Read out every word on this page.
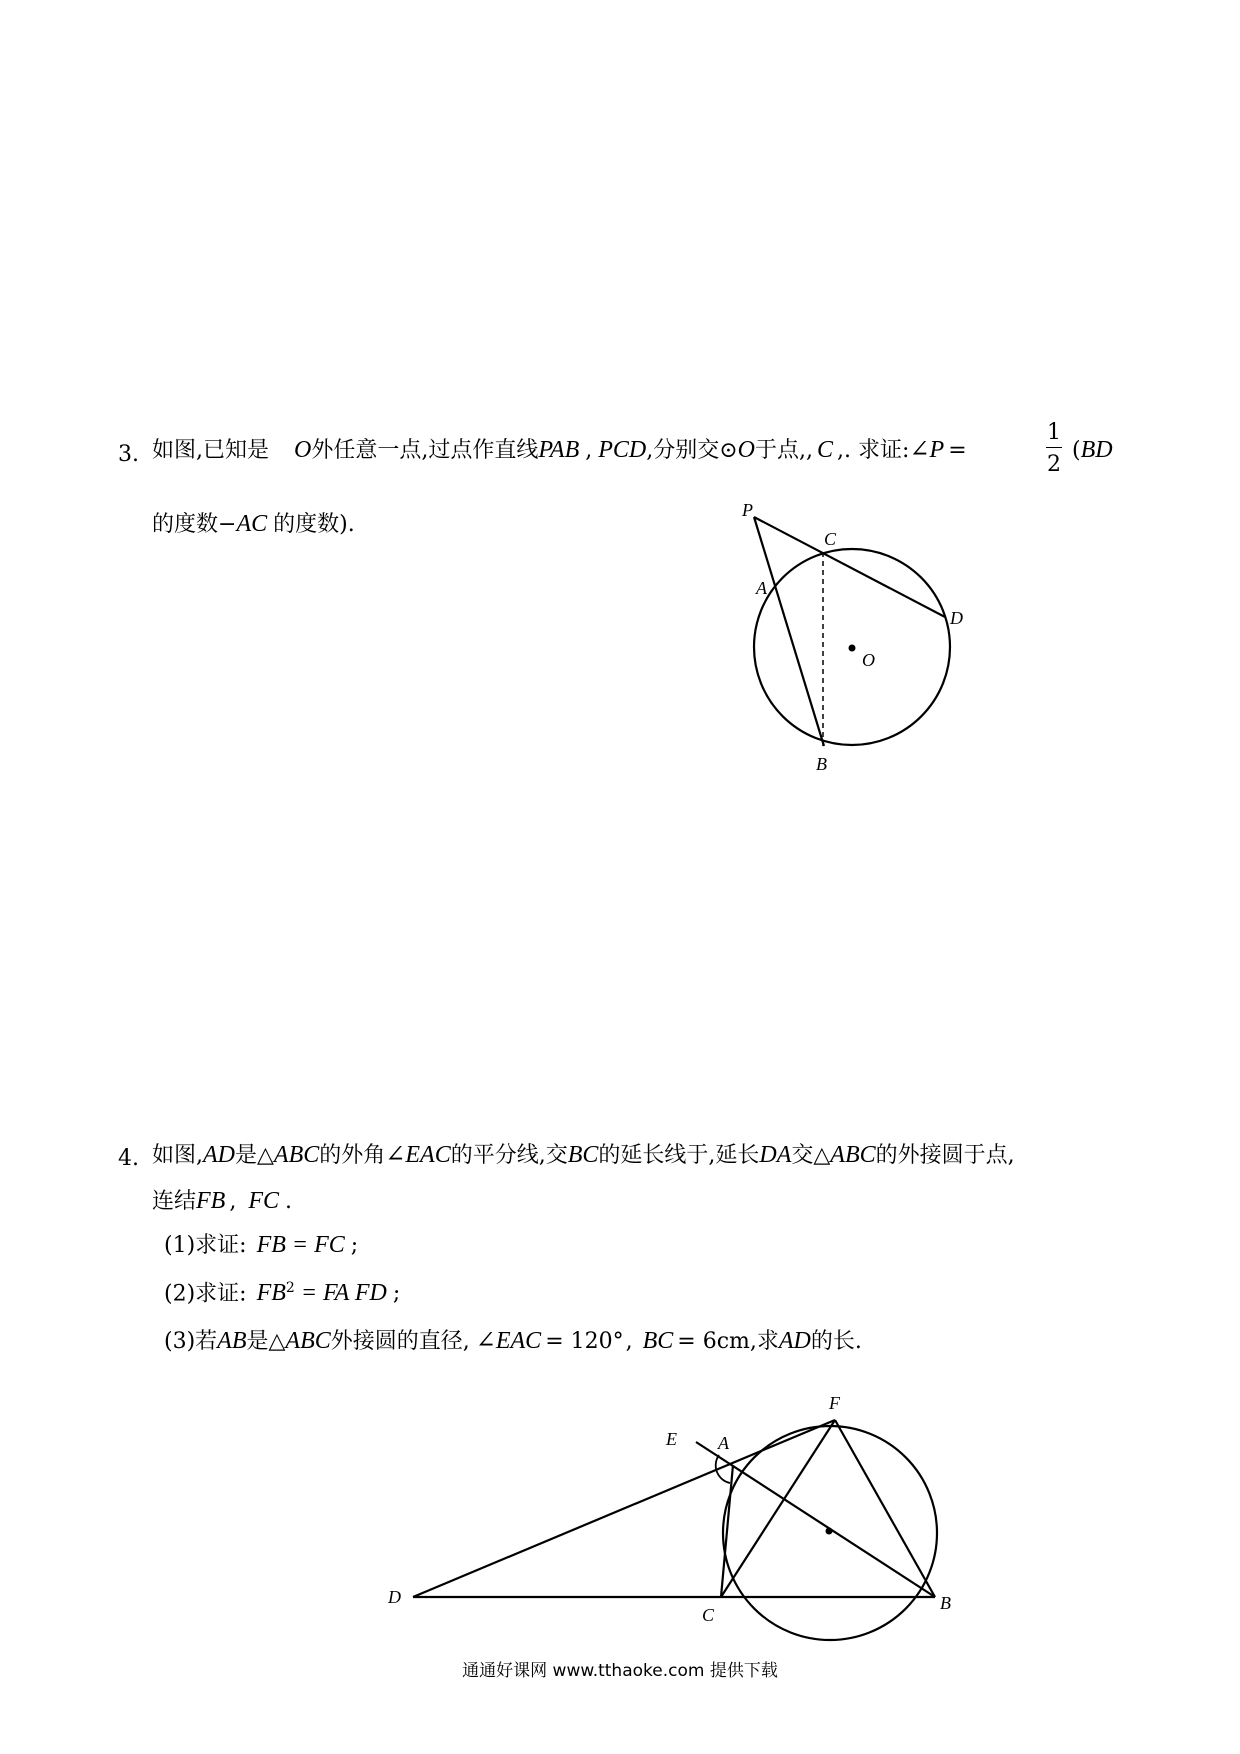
3. 如图,已知是 O外任意一点,过点作直线PAB , PCD,分别交⊙O于点,, C ,. 求证:∠P =	$\frac{1}{2} (BD$
的度数−AC 的度数).
P
C
A
D
O
B
4. 如图,AD是△ABC的外角∠EAC的平分线,交BC的延长线于,延长DA交△ABC的外接圆于点,
连结FB , FC .
(1)求证: FB = FC ;
(2)求证: $FB^2$ = FA FD ;
(3)若AB是△ABC外接圆的直径, ∠EAC = 120°, BC = 6cm,求AD的长.
E A
F
D
C
B
通通好课网 www.tthaoke.com 提供下载
